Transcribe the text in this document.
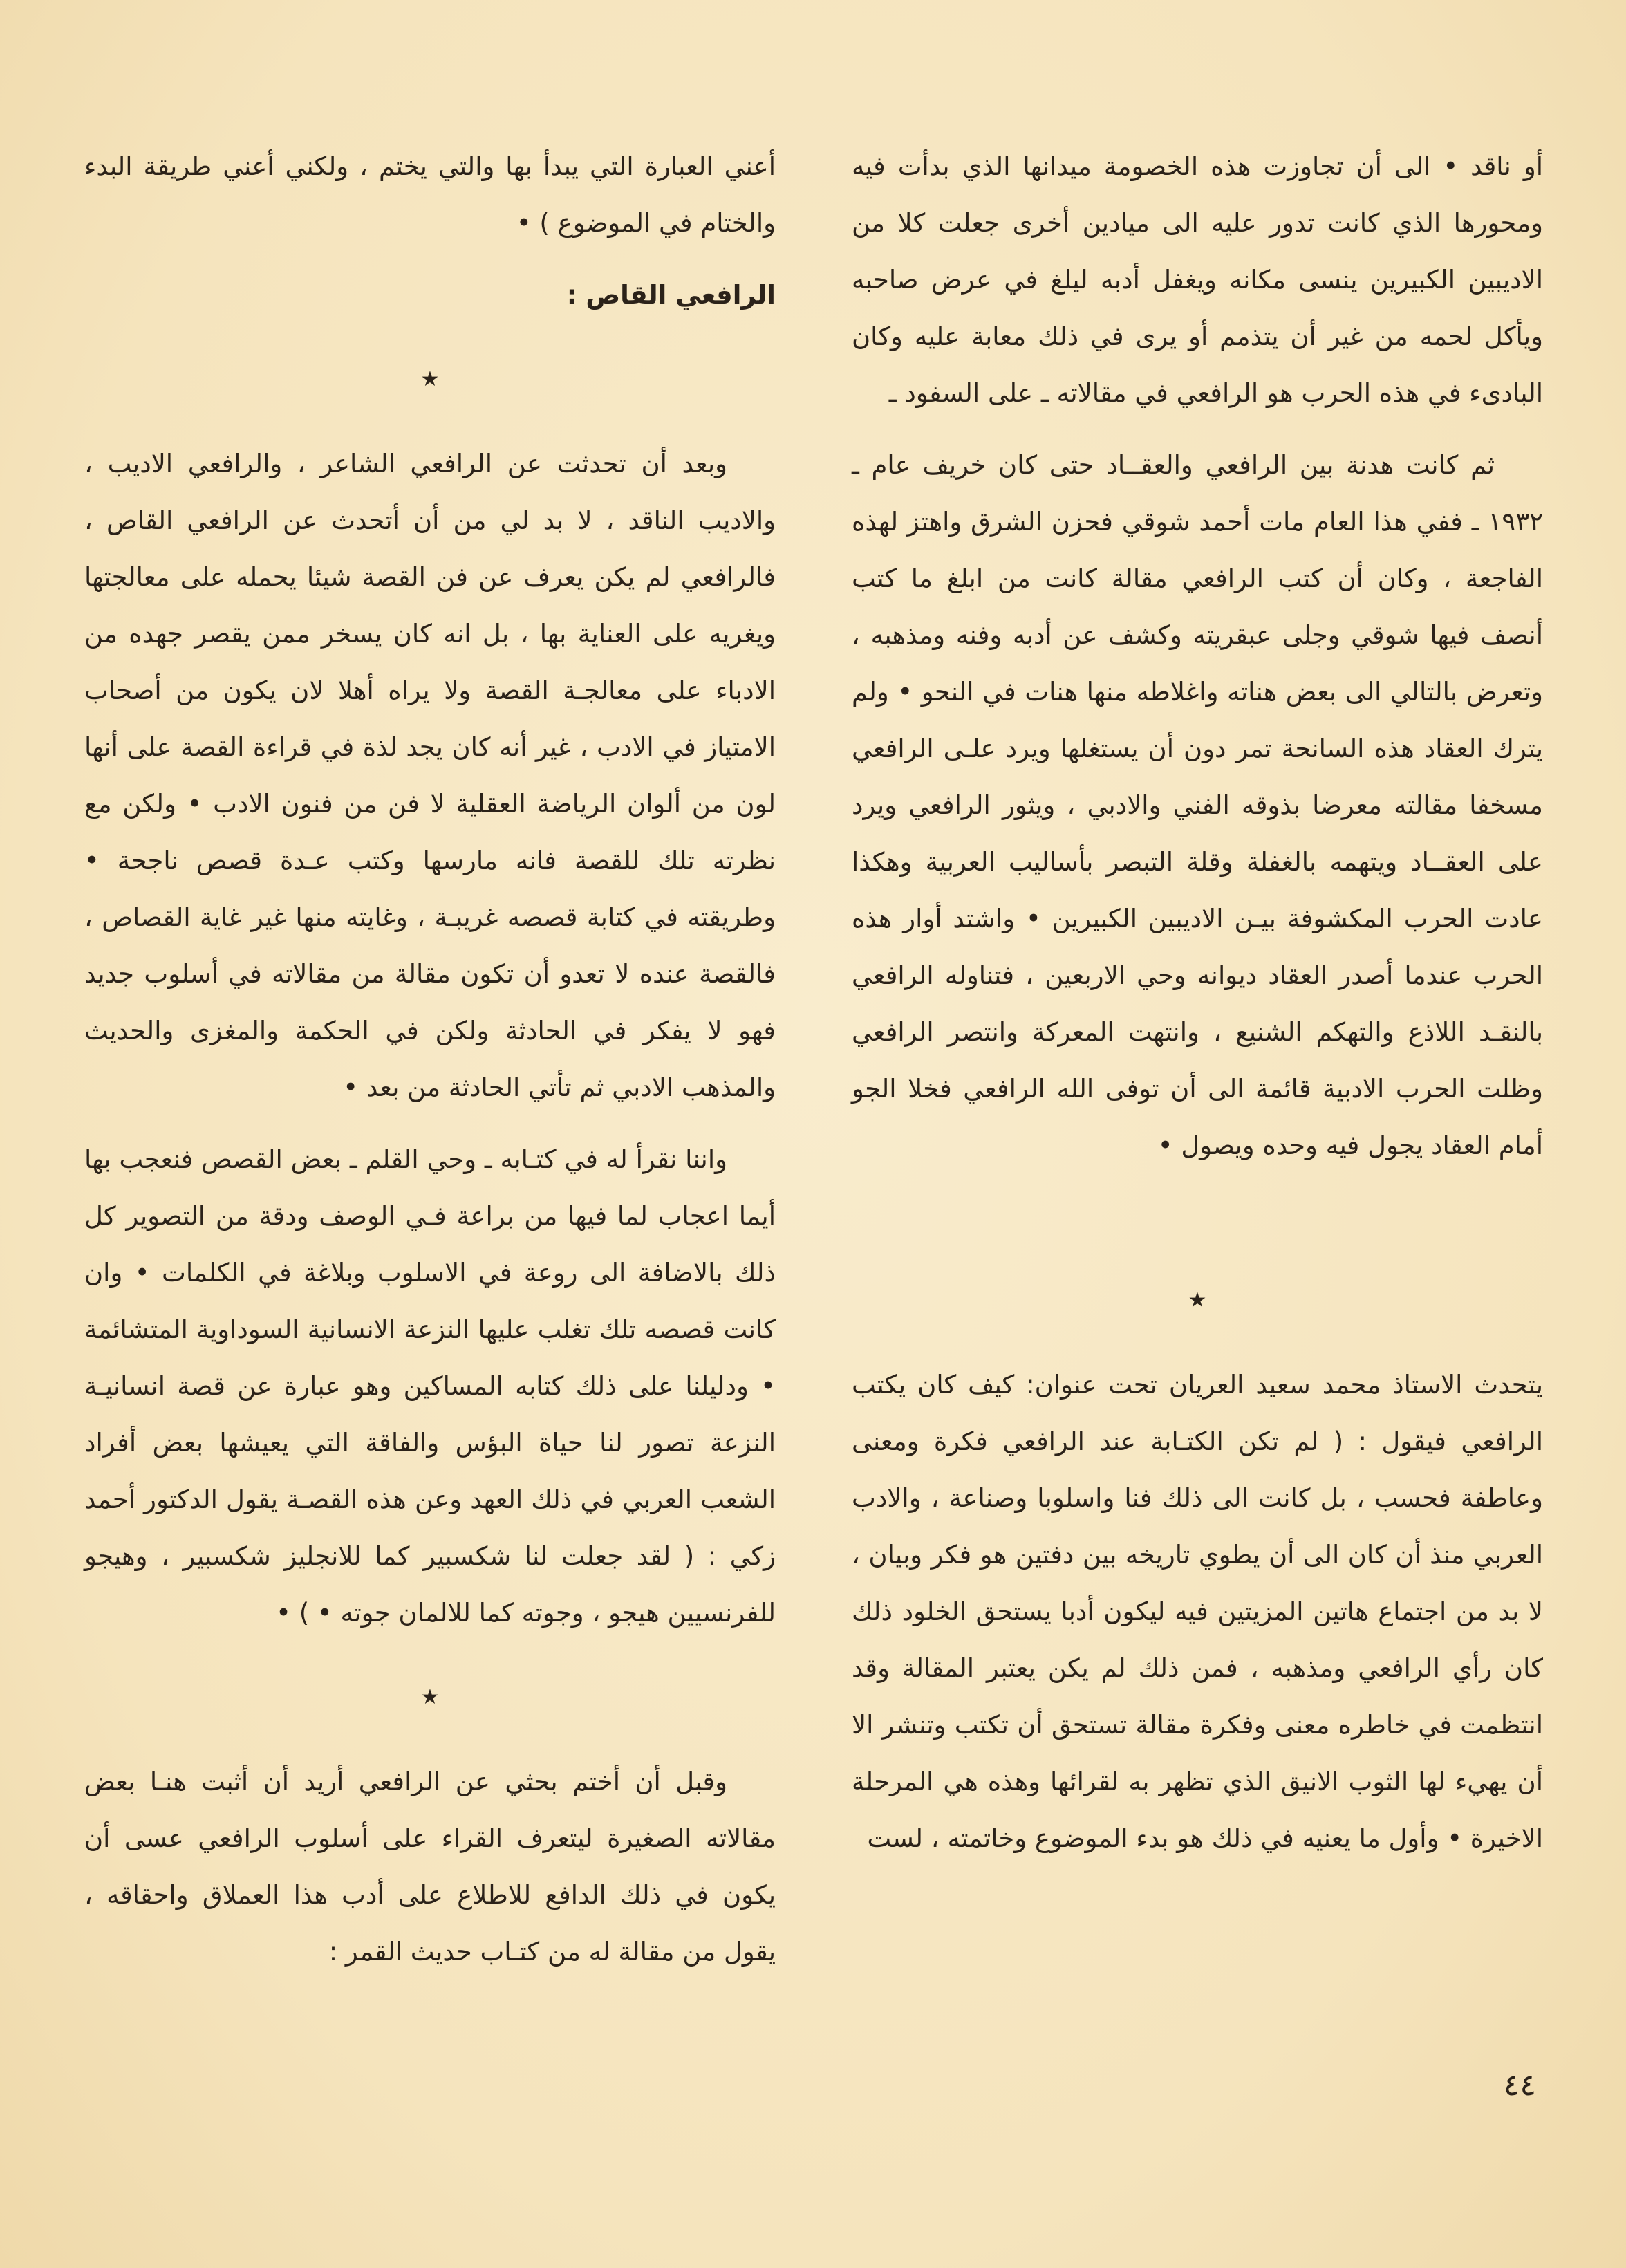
أو ناقد • الى أن تجاوزت هذه الخصومة ميدانها الذي بدأت فيه ومحورها الذي كانت تدور عليه الى ميادين أخرى جعلت كلا من الاديبين الكبيرين ينسى مكانه ويغفل أدبه ليلغ في عرض صاحبه ويأكل لحمه من غير أن يتذمم أو يرى في ذلك معابة عليه وكان البادىء في هذه الحرب هو الرافعي في مقالاته ـ على السفود ـ

ثم كانت هدنة بين الرافعي والعقــاد حتى كان خريف عام ـ ١٩٣٢ ـ ففي هذا العام مات أحمد شوقي فحزن الشرق واهتز لهذه الفاجعة ، وكان أن كتب الرافعي مقالة كانت من ابلغ ما كتب أنصف فيها شوقي وجلى عبقريته وكشف عن أدبه وفنه ومذهبه ، وتعرض بالتالي الى بعض هناته واغلاطه منها هنات في النحو • ولم يترك العقاد هذه السانحة تمر دون أن يستغلها ويرد علـى الرافعي مسخفا مقالته معرضا بذوقه الفني والادبي ، ويثور الرافعي ويرد على العقــاد ويتهمه بالغفلة وقلة التبصر بأساليب العربية وهكذا عادت الحرب المكشوفة بيـن الاديبين الكبيرين • واشتد أوار هذه الحرب عندما أصدر العقاد ديوانه وحي الاربعين ، فتناوله الرافعي بالنقـد اللاذع والتهكم الشنيع ، وانتهت المعركة وانتصر الرافعي وظلت الحرب الادبية قائمة الى أن توفى الله الرافعي فخلا الجو أمام العقاد يجول فيه وحده ويصول •

★

يتحدث الاستاذ محمد سعيد العريان تحت عنوان: كيف كان يكتب الرافعي فيقول : ( لم تكن الكتـابة عند الرافعي فكرة ومعنى وعاطفة فحسب ، بل كانت الى ذلك فنا واسلوبا وصناعة ، والادب العربي منذ أن كان الى أن يطوي تاريخه بين دفتين هو فكر وبيان ، لا بد من اجتماع هاتين المزيتين فيه ليكون أدبا يستحق الخلود ذلك كان رأي الرافعي ومذهبه ، فمن ذلك لم يكن يعتبر المقالة وقد انتظمت في خاطره معنى وفكرة مقالة تستحق أن تكتب وتنشر الا أن يهيء لها الثوب الانيق الذي تظهر به لقرائها وهذه هي المرحلة الاخيرة • وأول ما يعنيه في ذلك هو بدء الموضوع وخاتمته ، لست

أعني العبارة التي يبدأ بها والتي يختم ، ولكني أعني طريقة البدء والختام في الموضوع ) •

الرافعي القاص :

★

وبعد أن تحدثت عن الرافعي الشاعر ، والرافعي الاديب ، والاديب الناقد ، لا بد لي من أن أتحدث عن الرافعي القاص ، فالرافعي لم يكن يعرف عن فن القصة شيئا يحمله على معالجتها ويغريه على العناية بها ، بل انه كان يسخر ممن يقصر جهده من الادباء على معالجـة القصة ولا يراه أهلا لان يكون من أصحاب الامتياز في الادب ، غير أنه كان يجد لذة في قراءة القصة على أنها لون من ألوان الرياضة العقلية لا فن من فنون الادب • ولكن مع نظرته تلك للقصة فانه مارسها وكتب عـدة قصص ناجحة • وطريقته في كتابة قصصه غريبـة ، وغايته منها غير غاية القصاص ، فالقصة عنده لا تعدو أن تكون مقالة من مقالاته في أسلوب جديد فهو لا يفكر في الحادثة ولكن في الحكمة والمغزى والحديث والمذهب الادبي ثم تأتي الحادثة من بعد •

واننا نقرأ له في كتـابه ـ وحي القلم ـ بعض القصص فنعجب بها أيما اعجاب لما فيها من براعة فـي الوصف ودقة من التصوير كل ذلك بالاضافة الى روعة في الاسلوب وبلاغة في الكلمات • وان كانت قصصه تلك تغلب عليها النزعة الانسانية السوداوية المتشائمة • ودليلنا على ذلك كتابه المساكين وهو عبارة عن قصة انسانيـة النزعة تصور لنا حياة البؤس والفاقة التي يعيشها بعض أفراد الشعب العربي في ذلك العهد وعن هذه القصـة يقول الدكتور أحمد زكي : ( لقد جعلت لنا شكسبير كما للانجليز شكسبير ، وهيجو للفرنسيين هيجو ، وجوته كما للالمان جوته • ) •

★

وقبل أن أختم بحثي عن الرافعي أريد أن أثبت هنـا بعض مقالاته الصغيرة ليتعرف القراء على أسلوب الرافعي عسى أن يكون في ذلك الدافع للاطلاع على أدب هذا العملاق واحقاقه ، يقول من مقالة له من كتـاب حديث القمر :

٤٤
